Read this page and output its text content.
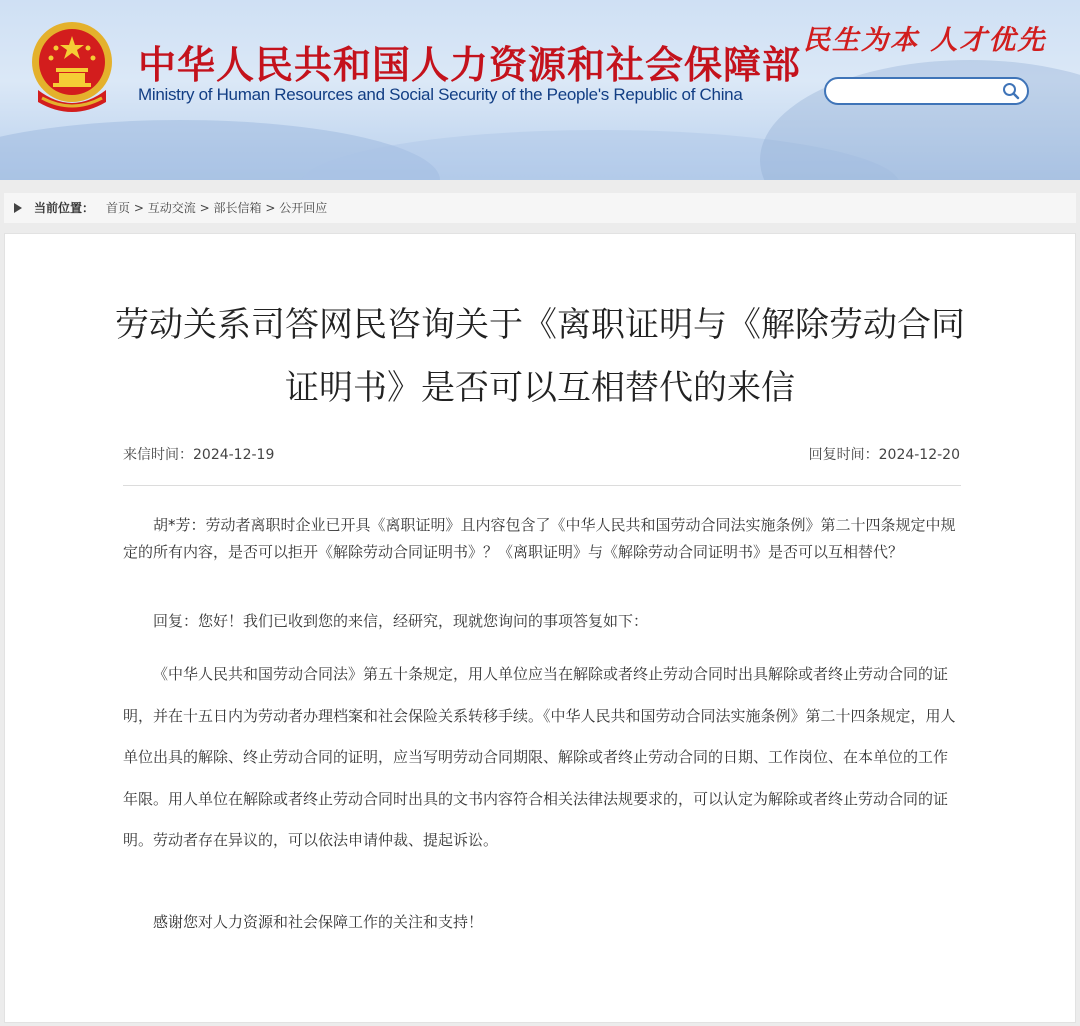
中华人民共和国人力资源和社会保障部
Ministry of Human Resources and Social Security of the People's Republic of China
民生为本 人才优先
当前位置： 首页 > 互动交流 > 部长信箱 > 公开回应
劳动关系司答网民咨询关于《离职证明与《解除劳动合同证明书》是否可以互相替代的来信
来信时间：2024-12-19	回复时间：2024-12-20

胡*芳：劳动者离职时企业已开具《离职证明》且内容包含了《中华人民共和国劳动合同法实施条例》第二十四条规定中规定的所有内容，是否可以拒开《解除劳动合同证明书》？《离职证明》与《解除劳动合同证明书》是否可以互相替代？

回复：您好！我们已收到您的来信，经研究，现就您询问的事项答复如下：

《中华人民共和国劳动合同法》第五十条规定，用人单位应当在解除或者终止劳动合同时出具解除或者终止劳动合同的证明，并在十五日内为劳动者办理档案和社会保险关系转移手续。《中华人民共和国劳动合同法实施条例》第二十四条规定，用人单位出具的解除、终止劳动合同的证明，应当写明劳动合同期限、解除或者终止劳动合同的日期、工作岗位、在本单位的工作年限。用人单位在解除或者终止劳动合同时出具的文书内容符合相关法律法规要求的，可以认定为解除或者终止劳动合同的证明。劳动者存在异议的，可以依法申请仲裁、提起诉讼。

感谢您对人力资源和社会保障工作的关注和支持！
